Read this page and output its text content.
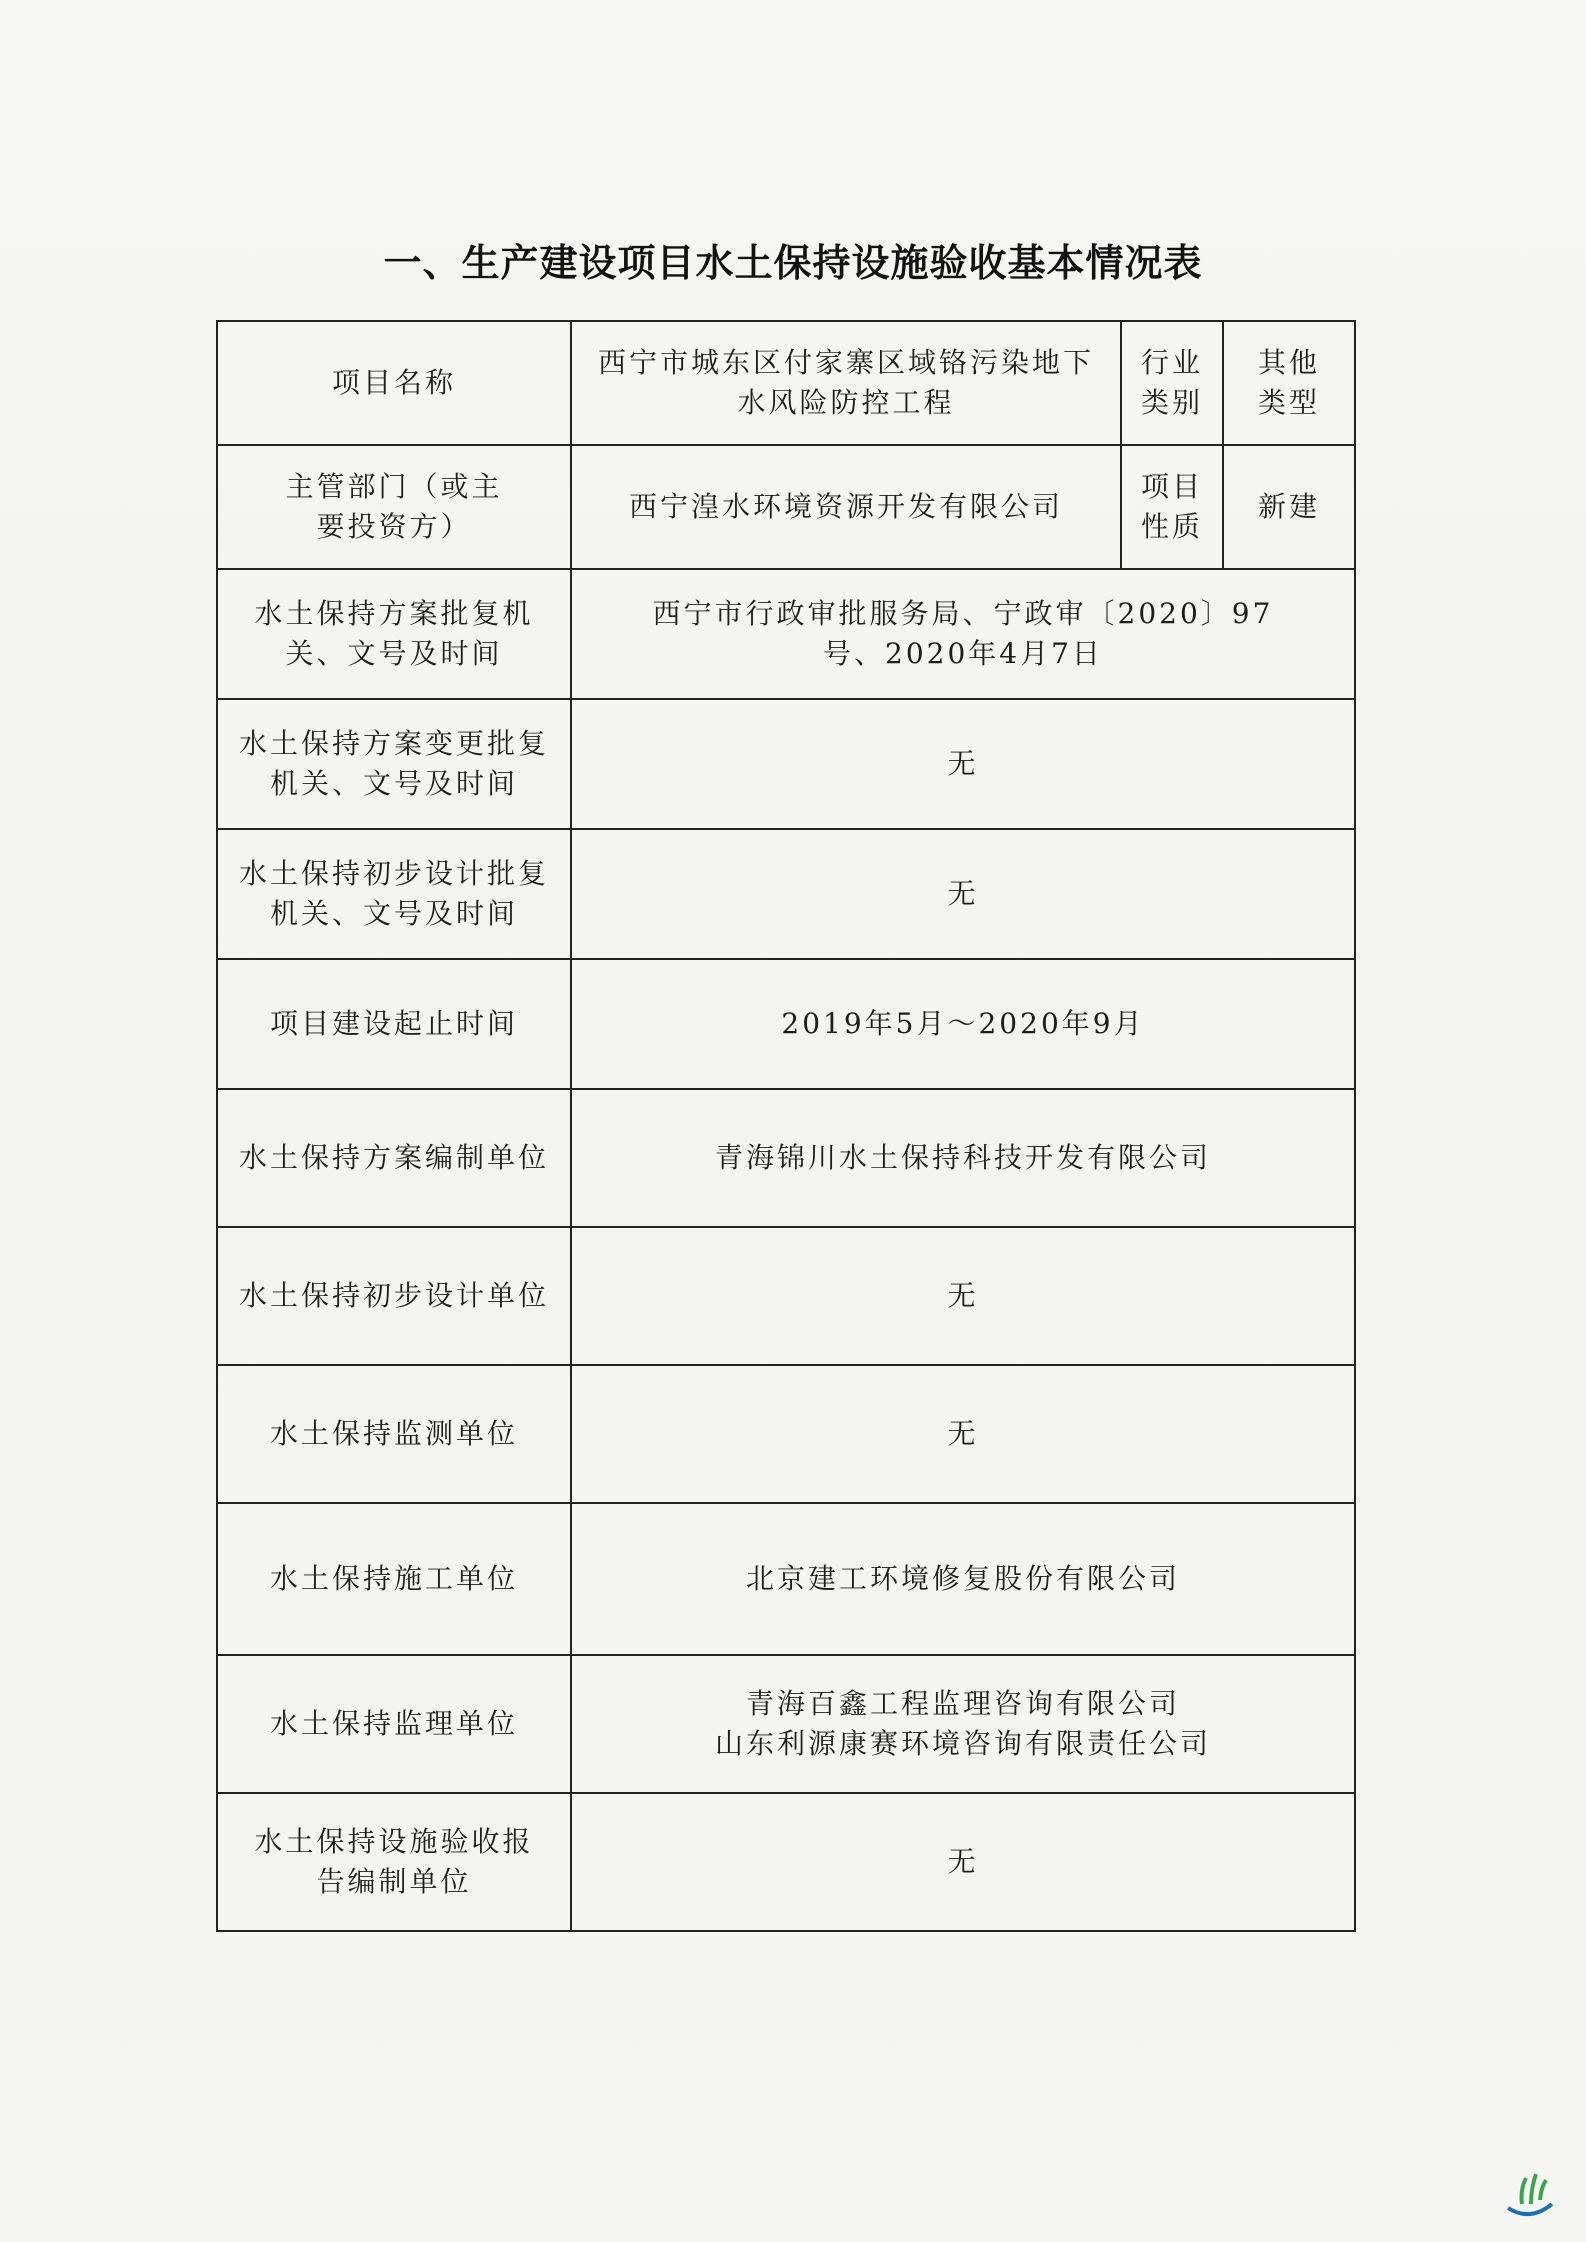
一、生产建设项目水土保持设施验收基本情况表
项目名称	西宁市城东区付家寨区域铬污染地下水风险防控工程	行业类别	其他类型
主管部门（或主要投资方）	西宁湟水环境资源开发有限公司	项目性质	新建
水土保持方案批复机关、文号及时间	西宁市行政审批服务局、宁政审〔2020〕97号、2020年4月7日		
水土保持方案变更批复机关、文号及时间	无		
水土保持初步设计批复机关、文号及时间	无		
项目建设起止时间	2019年5月～2020年9月		
水土保持方案编制单位	青海锦川水土保持科技开发有限公司		
水土保持初步设计单位	无		
水土保持监测单位	无		
水土保持施工单位	北京建工环境修复股份有限公司		
水土保持监理单位	青海百鑫工程监理咨询有限公司
山东利源康赛环境咨询有限责任公司		

水土保持设施验收报告编制单位	无		
